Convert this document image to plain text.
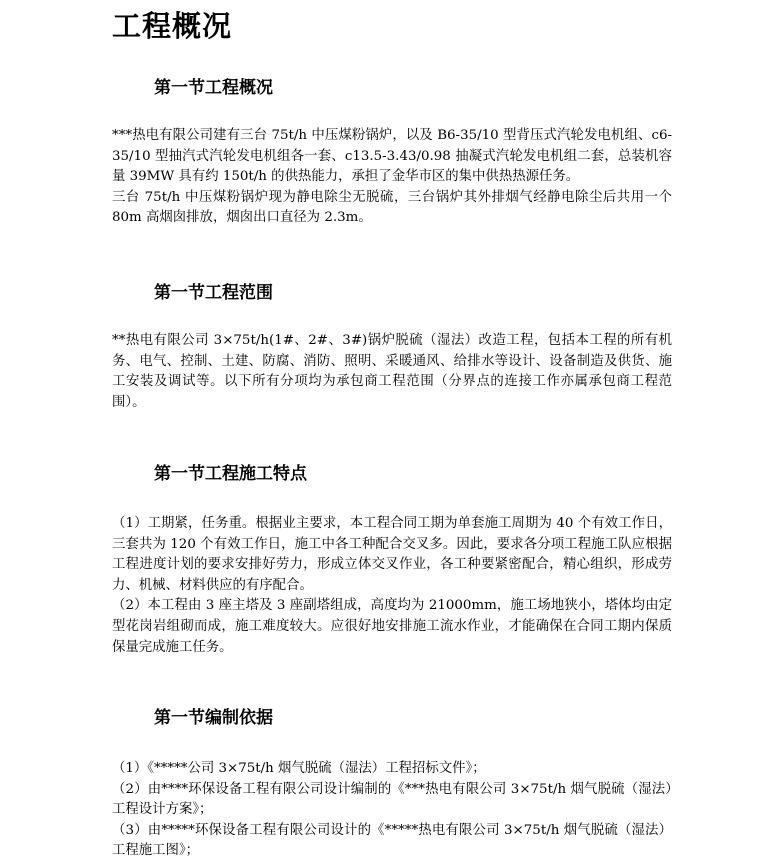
工程概况
第一节工程概况

***热电有限公司建有三台 75t/h 中压煤粉锅炉，以及 B6-35/10 型背压式汽轮发电机组、c6-35/10 型抽汽式汽轮发电机组各一套、c13.5-3.43/0.98 抽凝式汽轮发电机组二套，总装机容量 39MW 具有约 150t/h 的供热能力，承担了金华市区的集中供热热源任务。

三台 75t/h 中压煤粉锅炉现为静电除尘无脱硫，三台锅炉其外排烟气经静电除尘后共用一个 80m 高烟囱排放，烟囱出口直径为 2.3m。

第一节工程范围

**热电有限公司 3×75t/h(1#、2#、3#)锅炉脱硫（湿法）改造工程，包括本工程的所有机务、电气、控制、土建、防腐、消防、照明、采暖通风、给排水等设计、设备制造及供货、施工安装及调试等。以下所有分项均为承包商工程范围（分界点的连接工作亦属承包商工程范围）。

第一节工程施工特点

（1）工期紧，任务重。根据业主要求，本工程合同工期为单套施工周期为 40 个有效工作日，三套共为 120 个有效工作日，施工中各工种配合交叉多。因此，要求各分项工程施工队应根据工程进度计划的要求安排好劳力，形成立体交叉作业，各工种要紧密配合，精心组织，形成劳力、机械、材料供应的有序配合。

（2）本工程由 3 座主塔及 3 座副塔组成，高度均为 21000mm，施工场地狭小，塔体均由定型花岗岩组砌而成，施工难度较大。应很好地安排施工流水作业，才能确保在合同工期内保质保量完成施工任务。

第一节编制依据

（1）《*****公司 3×75t/h 烟气脱硫（湿法）工程招标文件》；

（2）由****环保设备工程有限公司设计编制的《***热电有限公司 3×75t/h 烟气脱硫（湿法）工程设计方案》；

（3）由*****环保设备工程有限公司设计的《*****热电有限公司 3×75t/h 烟气脱硫（湿法）工程施工图》；
